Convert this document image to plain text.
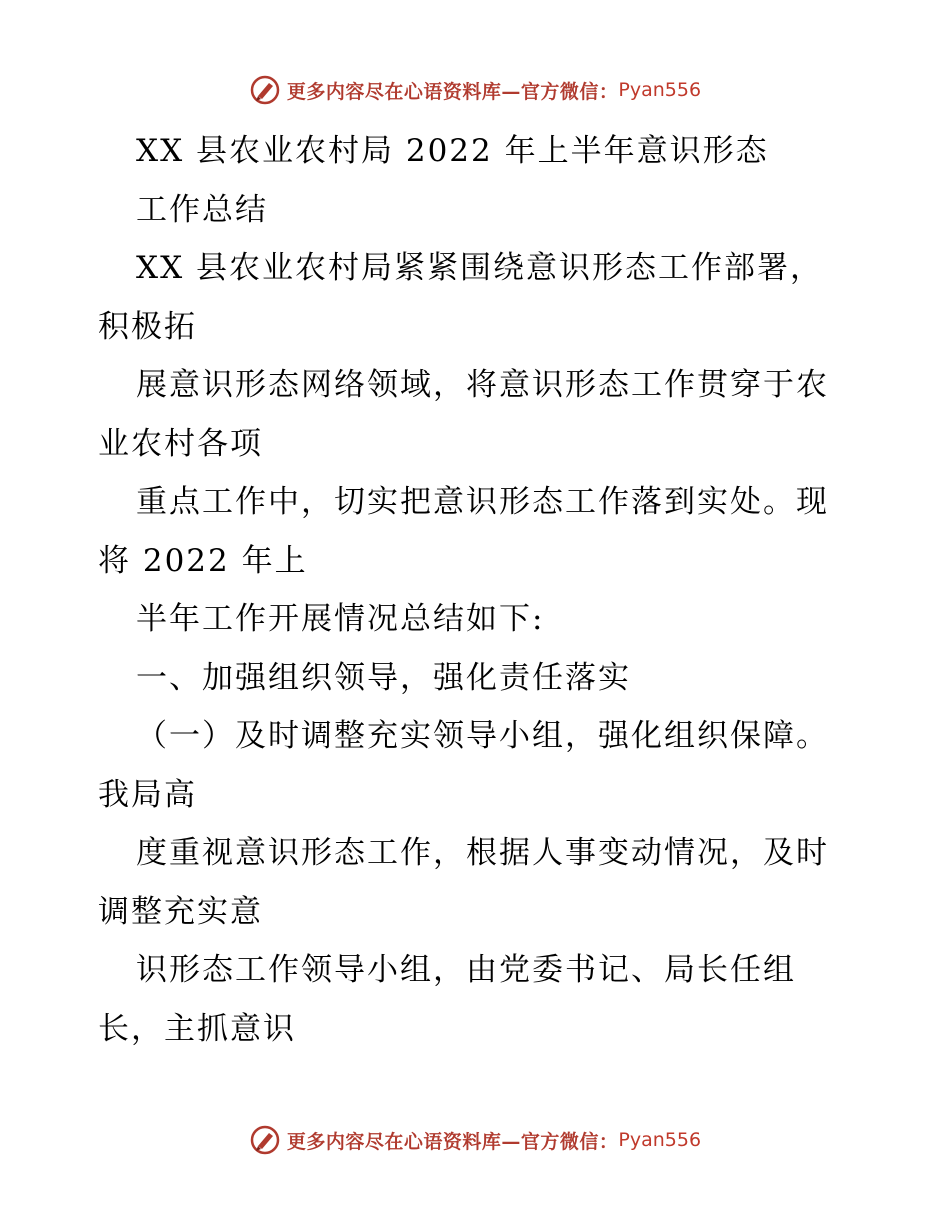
更多内容尽在心语资料库—官方微信： Pyan556
XX 县农业农村局 2022 年上半年意识形态
工作总结
XX 县农业农村局紧紧围绕意识形态工作部署，
积极拓
展意识形态网络领域，将意识形态工作贯穿于农
业农村各项
重点工作中，切实把意识形态工作落到实处。现
将 2022 年上
半年工作开展情况总结如下:
一、加强组织领导，强化责任落实
（一）及时调整充实领导小组，强化组织保障。
我局高
度重视意识形态工作，根据人事变动情况，及时
调整充实意
识形态工作领导小组，由党委书记、局长任组
长，主抓意识
更多内容尽在心语资料库—官方微信： Pyan556
